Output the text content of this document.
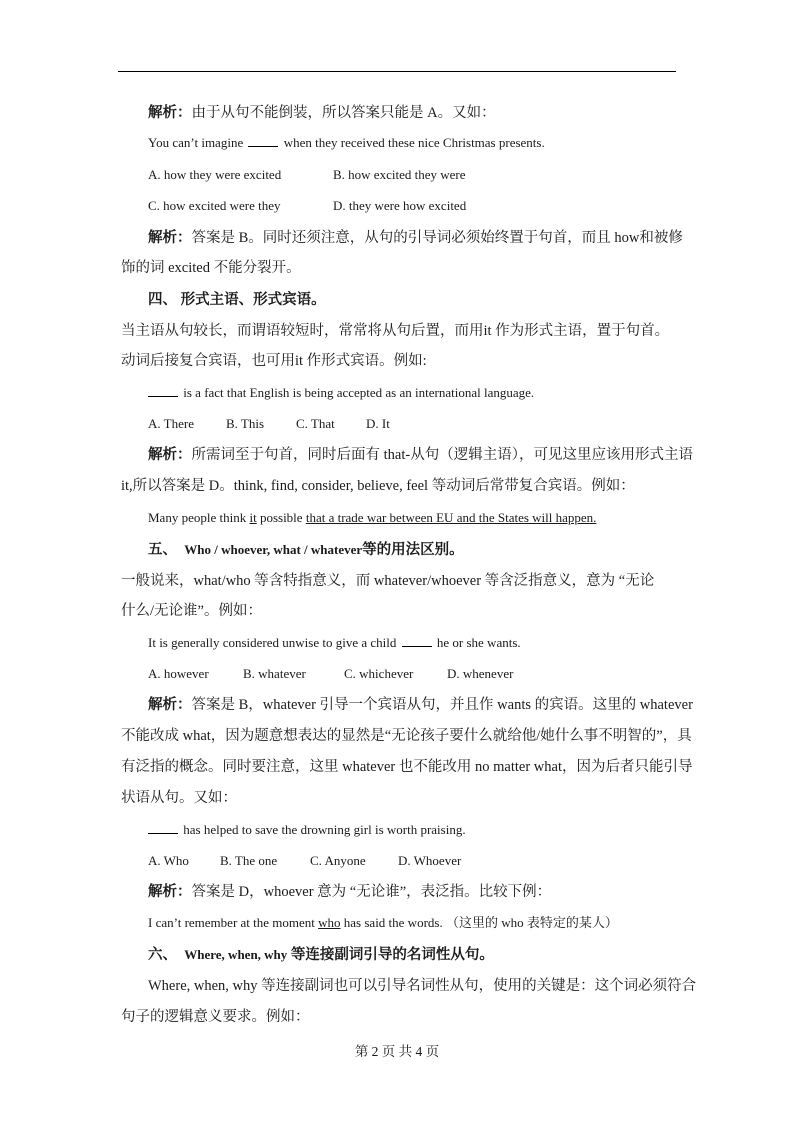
解析：由于从句不能倒装，所以答案只能是 A。又如：
You can’t imagine	when they received these nice Christmas presents.
A. how they were excited	B. how excited they were
C. how excited were they	D. they were how excited
解析：答案是 B。同时还须注意，从句的引导词必须始终置于句首，而且 how和被修
饰的词 excited 不能分裂开。
四、 形式主语、形式宾语。
当主语从句较长，而谓语较短时，常常将从句后置，而用it 作为形式主语，置于句首。
动词后接复合宾语，也可用it 作形式宾语。例如:
is a fact that English is being accepted as an international language.
A. There B. This C. That D. It
解析：所需词至于句首，同时后面有 that-从句（逻辑主语），可见这里应该用形式主语
it,所以答案是 D。think, find, consider, believe, feel 等动词后常带复合宾语。例如：
Many people think it possible that a trade war between EU and the States will happen.
五、 Who / whoever, what / whatever等的用法区别。
一般说来，what/who 等含特指意义，而 whatever/whoever 等含泛指意义，意为 “无论
什么/无论谁”。例如：
It is generally considered unwise to give a child	he or she wants.
A. however	B. whatever	C. whichever	D. whenever
解析：答案是 B，whatever 引导一个宾语从句，并且作 wants 的宾语。这里的 whatever
不能改成 what，因为题意想表达的显然是“无论孩子要什么就给他/她什么事不明智的”，具
有泛指的概念。同时要注意，这里 whatever 也不能改用 no matter what，因为后者只能引导
状语从句。又如：
has helped to save the drowning girl is worth praising.
A. Who B. The one	C. Anyone D. Whoever
解析：答案是 D，whoever 意为 “无论谁”，表泛指。比较下例：
I can’t remember at the moment who has said the words. （这里的 who 表特定的某人）
六、 Where, when, why 等连接副词引导的名词性从句。
Where, when, why 等连接副词也可以引导名词性从句，使用的关键是：这个词必须符合
句子的逻辑意义要求。例如：
第 2 页 共 4 页
